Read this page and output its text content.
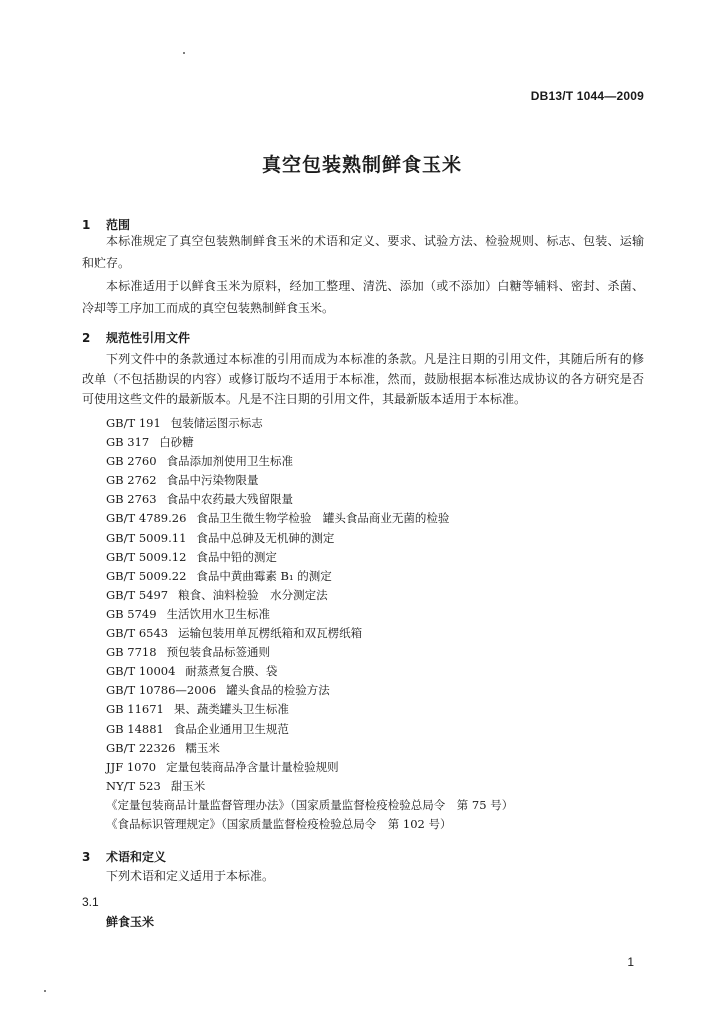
DB13/T 1044—2009
真空包装熟制鲜食玉米
1 范围

本标准规定了真空包装熟制鲜食玉米的术语和定义、要求、试验方法、检验规则、标志、包装、运输和贮存。

本标准适用于以鲜食玉米为原料，经加工整理、清洗、添加（或不添加）白糖等辅料、密封、杀菌、冷却等工序加工而成的真空包装熟制鲜食玉米。

2 规范性引用文件

下列文件中的条款通过本标准的引用而成为本标准的条款。凡是注日期的引用文件，其随后所有的修改单（不包括勘误的内容）或修订版均不适用于本标准，然而，鼓励根据本标准达成协议的各方研究是否可使用这些文件的最新版本。凡是不注日期的引用文件，其最新版本适用于本标准。

GB/T 191 包装储运图示标志
GB 317 白砂糖
GB 2760 食品添加剂使用卫生标准
GB 2762 食品中污染物限量
GB 2763 食品中农药最大残留限量
GB/T 4789.26 食品卫生微生物学检验　罐头食品商业无菌的检验
GB/T 5009.11 食品中总砷及无机砷的测定
GB/T 5009.12 食品中铅的测定
GB/T 5009.22 食品中黄曲霉素 B₁ 的测定
GB/T 5497 粮食、油料检验　水分测定法
GB 5749 生活饮用水卫生标准
GB/T 6543 运输包装用单瓦楞纸箱和双瓦楞纸箱
GB 7718 预包装食品标签通则
GB/T 10004 耐蒸煮复合膜、袋
GB/T 10786—2006 罐头食品的检验方法
GB 11671 果、蔬类罐头卫生标准
GB 14881 食品企业通用卫生规范
GB/T 22326 糯玉米
JJF 1070 定量包装商品净含量计量检验规则
NY/T 523 甜玉米
《定量包装商品计量监督管理办法》（国家质量监督检疫检验总局令　第 75 号）
《食品标识管理规定》（国家质量监督检疫检验总局令　第 102 号）
3 术语和定义

下列术语和定义适用于本标准。

3.1
鲜食玉米
1
